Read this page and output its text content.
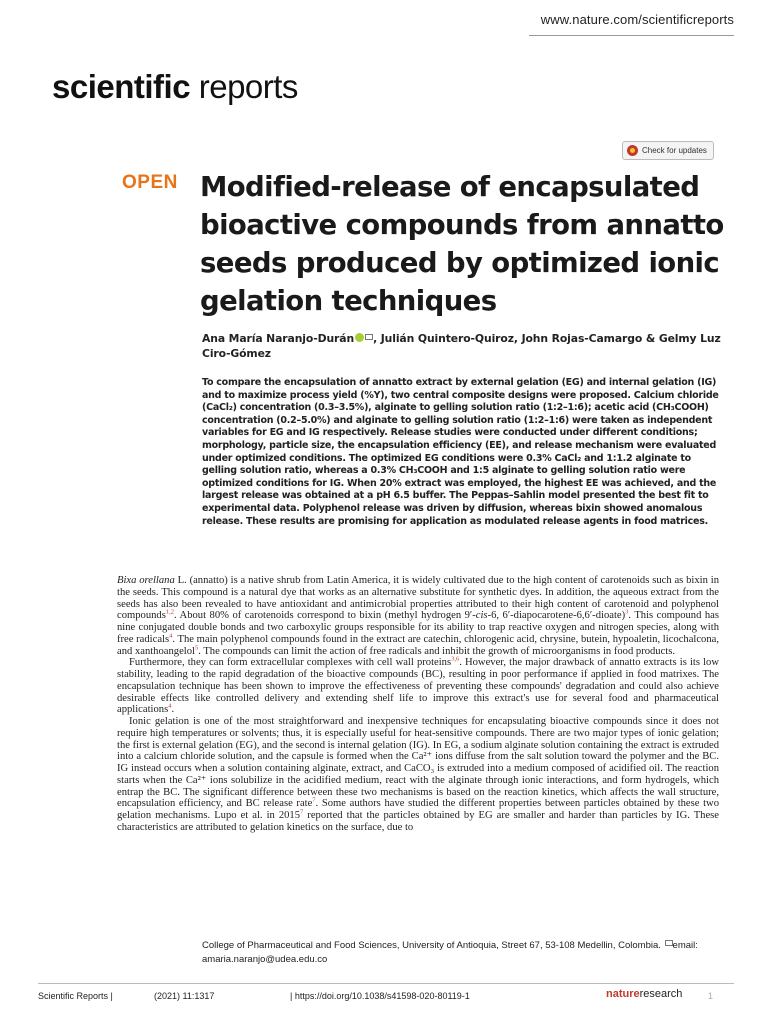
www.nature.com/scientificreports
scientific reports
Check for updates
OPEN Modified-release of encapsulated bioactive compounds from annatto seeds produced by optimized ionic gelation techniques
Ana María Naranjo-Durán , Julián Quintero-Quiroz, John Rojas-Camargo & Gelmy Luz Ciro-Gómez
To compare the encapsulation of annatto extract by external gelation (EG) and internal gelation (IG) and to maximize process yield (%Y), two central composite designs were proposed. Calcium chloride (CaCl₂) concentration (0.3–3.5%), alginate to gelling solution ratio (1:2–1:6); acetic acid (CH₃COOH) concentration (0.2–5.0%) and alginate to gelling solution ratio (1:2–1:6) were taken as independent variables for EG and IG respectively. Release studies were conducted under different conditions; morphology, particle size, the encapsulation efficiency (EE), and release mechanism were evaluated under optimized conditions. The optimized EG conditions were 0.3% CaCl₂ and 1:1.2 alginate to gelling solution ratio, whereas a 0.3% CH₃COOH and 1:5 alginate to gelling solution ratio were optimized conditions for IG. When 20% extract was employed, the highest EE was achieved, and the largest release was obtained at a pH 6.5 buffer. The Peppas–Sahlin model presented the best fit to experimental data. Polyphenol release was driven by diffusion, whereas bixin showed anomalous release. These results are promising for application as modulated release agents in food matrices.

Bixa orellana L. (annatto) is a native shrub from Latin America, it is widely cultivated due to the high content of carotenoids such as bixin in the seeds. This compound is a natural dye that works as an alternative substitute for synthetic dyes. In addition, the aqueous extract from the seeds has also been revealed to have antioxidant and antimicrobial properties attributed to their high content of carotenoid and polyphenol compounds$^{1,2}$. About 80% of carotenoids correspond to bixin (methyl hydrogen 9′-cis-6, 6′-diapocarotene-6,6′-dioate)$^3$. This compound has nine conjugated double bonds and two carboxylic groups responsible for its ability to trap reactive oxygen and nitrogen species, along with free radicals$^4$. The main polyphenol compounds found in the extract are catechin, chlorogenic acid, chrysine, butein, hypoaletin, licochalcona, and xanthoangelol$^5$. The compounds can limit the action of free radicals and inhibit the growth of microorganisms in food products.

Furthermore, they can form extracellular complexes with cell wall proteins$^{3,6}$. However, the major drawback of annatto extracts is its low stability, leading to the rapid degradation of the bioactive compounds (BC), resulting in poor performance if applied in food matrixes. The encapsulation technique has been shown to improve the effectiveness of preventing these compounds' degradation and could also achieve desirable effects like controlled delivery and extending shelf life to improve this extract's use for several food and pharmaceutical applications$^4$.

Ionic gelation is one of the most straightforward and inexpensive techniques for encapsulating bioactive compounds since it does not require high temperatures or solvents; thus, it is especially useful for heat-sensitive compounds. There are two major types of ionic gelation; the first is external gelation (EG), and the second is internal gelation (IG). In EG, a sodium alginate solution containing the extract is extruded into a calcium chloride solution, and the capsule is formed when the Ca²⁺ ions diffuse from the salt solution toward the polymer and the BC. IG instead occurs when a solution containing alginate, extract, and CaCO₃ is extruded into a medium composed of acidified oil. The reaction starts when the Ca²⁺ ions solubilize in the acidified medium, react with the alginate through ionic interactions, and form hydrogels, which entrap the BC. The significant difference between these two mechanisms is based on the reaction kinetics, which affects the wall structure, encapsulation efficiency, and BC release rate$^7$. Some authors have studied the different properties between particles obtained by these two gelation mechanisms. Lupo et al. in 2015$^7$ reported that the particles obtained by EG are smaller and harder than particles by IG. These characteristics are attributed to gelation kinetics on the surface, due to

College of Pharmaceutical and Food Sciences, University of Antioquia, Street 67, 53-108 Medellin, Colombia. email: amaria.naranjo@udea.edu.co
Scientific Reports |	(2021) 11:1317	| https://doi.org/10.1038/s41598-020-80119-1	natureresearch	1
